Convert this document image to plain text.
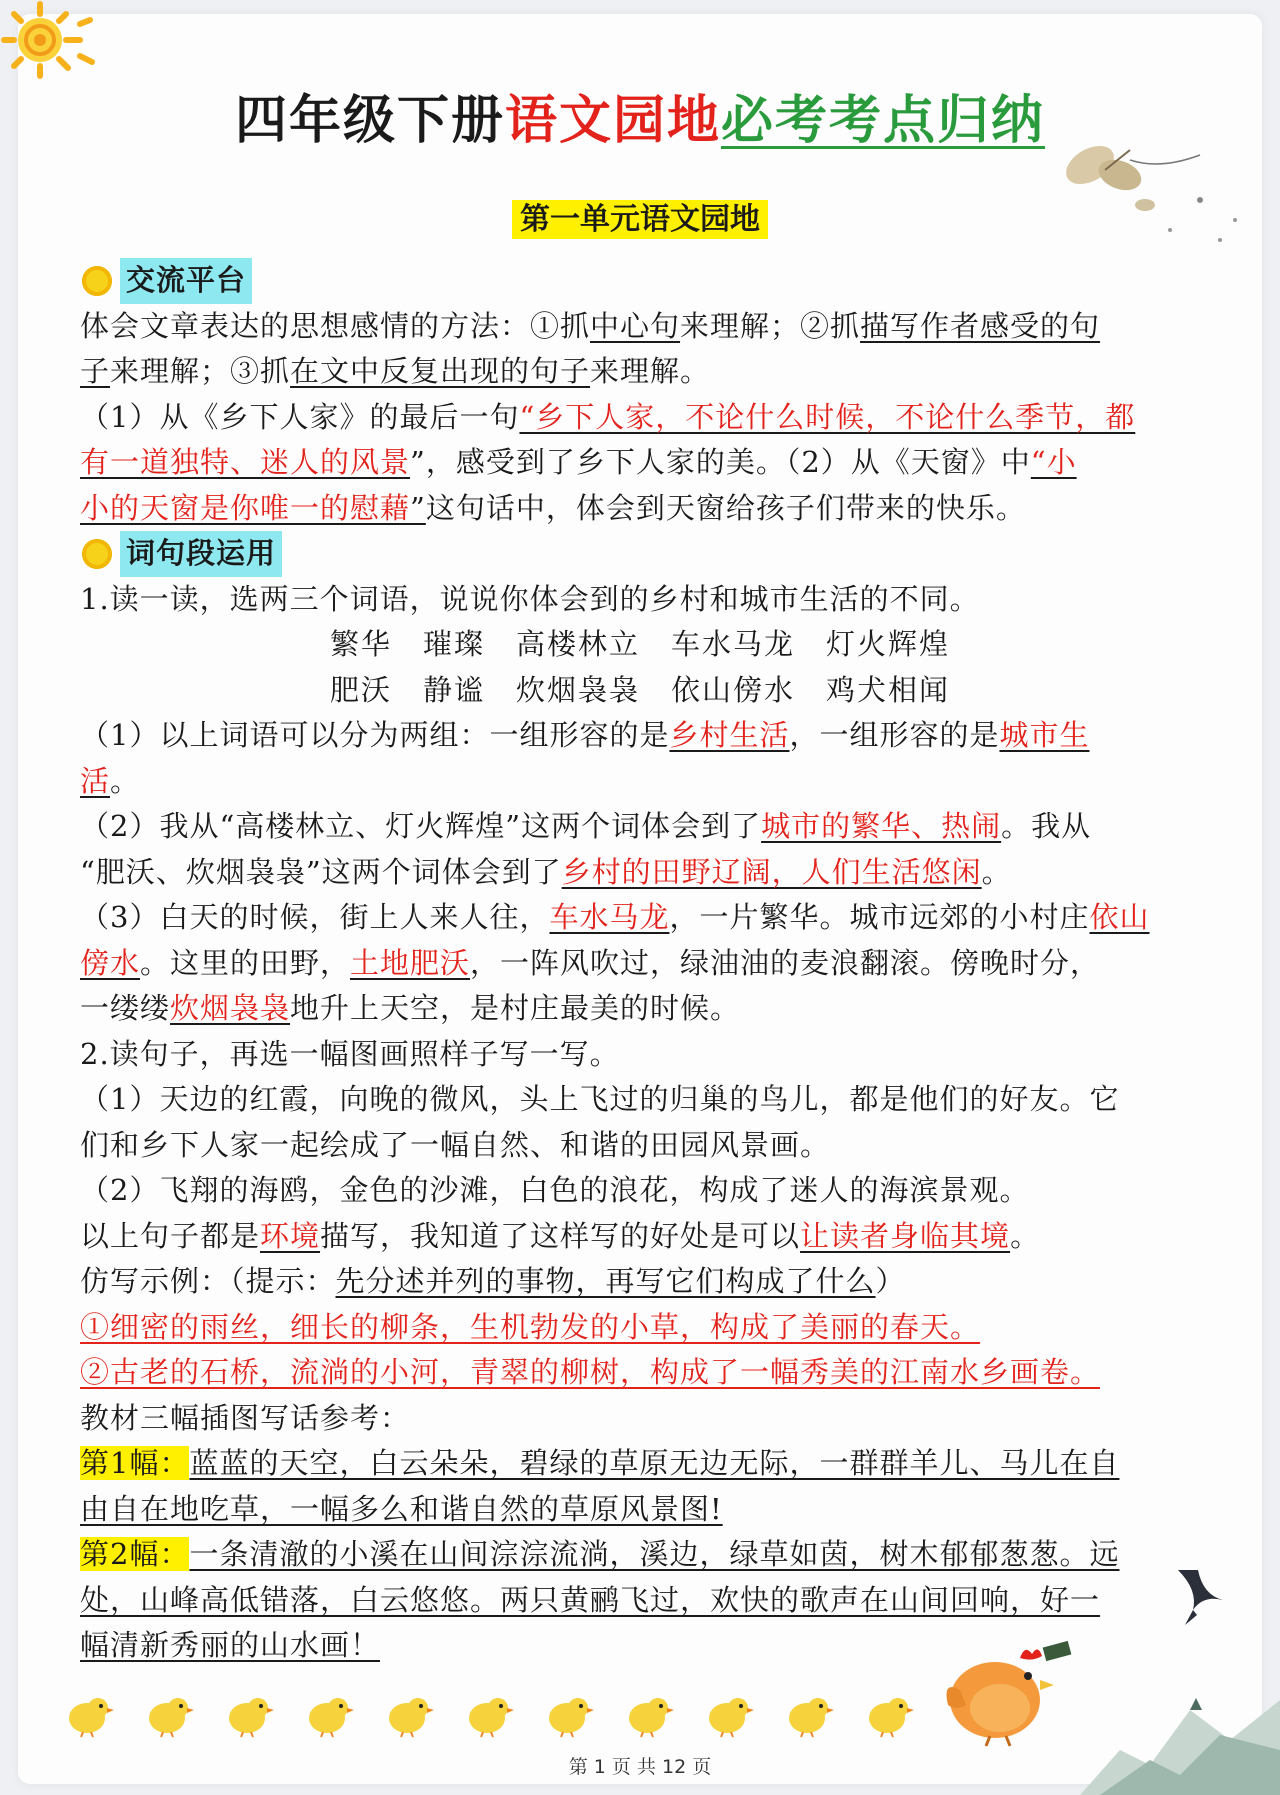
四年级下册语文园地必考考点归纳
第一单元语文园地
交流平台

体会文章表达的思想感情的方法：①抓中心句来理解；②抓描写作者感受的句

子来理解；③抓在文中反复出现的句子来理解。

（1）从《乡下人家》的最后一句“乡下人家，不论什么时候，不论什么季节，都

有一道独特、迷人的风景”，感受到了乡下人家的美。（2）从《天窗》中“小

小的天窗是你唯一的慰藉”这句话中，体会到天窗给孩子们带来的快乐。

词句段运用

1.读一读，选两三个词语，说说你体会到的乡村和城市生活的不同。

繁华　璀璨　高楼林立　车水马龙　灯火辉煌

肥沃　静谧　炊烟袅袅　依山傍水　鸡犬相闻

（1）以上词语可以分为两组：一组形容的是乡村生活，一组形容的是城市生

活。

（2）我从“高楼林立、灯火辉煌”这两个词体会到了城市的繁华、热闹。我从

“肥沃、炊烟袅袅”这两个词体会到了乡村的田野辽阔，人们生活悠闲。

（3）白天的时候，街上人来人往，车水马龙，一片繁华。城市远郊的小村庄依山

傍水。这里的田野，土地肥沃，一阵风吹过，绿油油的麦浪翻滚。傍晚时分，

一缕缕炊烟袅袅地升上天空，是村庄最美的时候。

2.读句子，再选一幅图画照样子写一写。

（1）天边的红霞，向晚的微风，头上飞过的归巢的鸟儿，都是他们的好友。它

们和乡下人家一起绘成了一幅自然、和谐的田园风景画。

（2）飞翔的海鸥，金色的沙滩，白色的浪花，构成了迷人的海滨景观。

以上句子都是环境描写，我知道了这样写的好处是可以让读者身临其境。

仿写示例：（提示：先分述并列的事物，再写它们构成了什么）

①细密的雨丝，细长的柳条，生机勃发的小草，构成了美丽的春天。

②古老的石桥，流淌的小河，青翠的柳树，构成了一幅秀美的江南水乡画卷。

教材三幅插图写话参考：

第1幅：蓝蓝的天空，白云朵朵，碧绿的草原无边无际，一群群羊儿、马儿在自

由自在地吃草，一幅多么和谐自然的草原风景图!

第2幅：一条清澈的小溪在山间淙淙流淌，溪边，绿草如茵，树木郁郁葱葱。远

处，山峰高低错落，白云悠悠。两只黄鹂飞过，欢快的歌声在山间回响，好一

幅清新秀丽的山水画！

第 1 页 共 12 页
